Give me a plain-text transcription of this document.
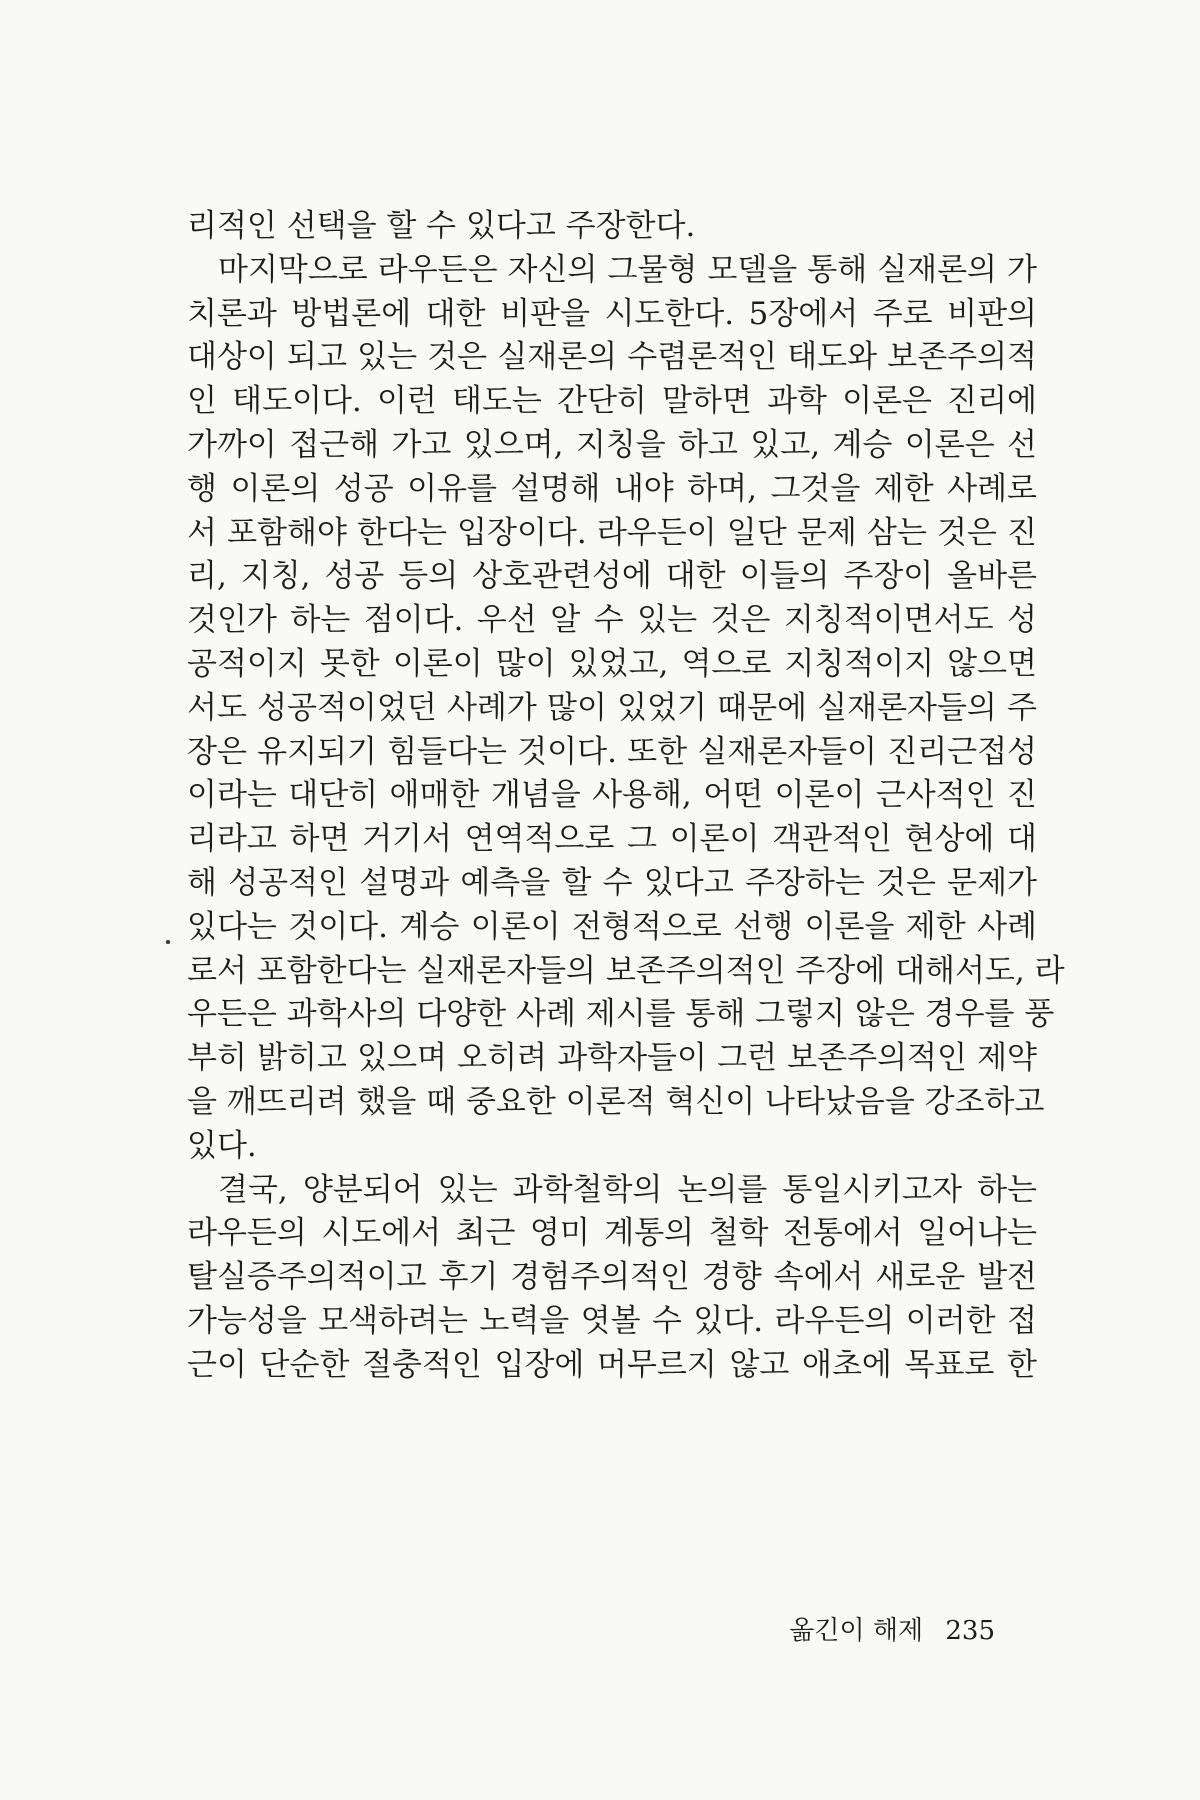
리적인 선택을 할 수 있다고 주장한다.
마지막으로 라우든은 자신의 그물형 모델을 통해 실재론의 가
치론과 방법론에 대한 비판을 시도한다. 5장에서 주로 비판의
대상이 되고 있는 것은 실재론의 수렴론적인 태도와 보존주의적
인 태도이다. 이런 태도는 간단히 말하면 과학 이론은 진리에
가까이 접근해 가고 있으며, 지칭을 하고 있고, 계승 이론은 선
행 이론의 성공 이유를 설명해 내야 하며, 그것을 제한 사례로
서 포함해야 한다는 입장이다. 라우든이 일단 문제 삼는 것은 진
리, 지칭, 성공 등의 상호관련성에 대한 이들의 주장이 올바른
것인가 하는 점이다. 우선 알 수 있는 것은 지칭적이면서도 성
공적이지 못한 이론이 많이 있었고, 역으로 지칭적이지 않으면
서도 성공적이었던 사례가 많이 있었기 때문에 실재론자들의 주
장은 유지되기 힘들다는 것이다. 또한 실재론자들이 진리근접성
이라는 대단히 애매한 개념을 사용해, 어떤 이론이 근사적인 진
리라고 하면 거기서 연역적으로 그 이론이 객관적인 현상에 대
해 성공적인 설명과 예측을 할 수 있다고 주장하는 것은 문제가
있다는 것이다. 계승 이론이 전형적으로 선행 이론을 제한 사례
로서 포함한다는 실재론자들의 보존주의적인 주장에 대해서도, 라
우든은 과학사의 다양한 사례 제시를 통해 그렇지 않은 경우를 풍
부히 밝히고 있으며 오히려 과학자들이 그런 보존주의적인 제약
을 깨뜨리려 했을 때 중요한 이론적 혁신이 나타났음을 강조하고
있다.
결국, 양분되어 있는 과학철학의 논의를 통일시키고자 하는
라우든의 시도에서 최근 영미 계통의 철학 전통에서 일어나는
탈실증주의적이고 후기 경험주의적인 경향 속에서 새로운 발전
가능성을 모색하려는 노력을 엿볼 수 있다. 라우든의 이러한 접
근이 단순한 절충적인 입장에 머무르지 않고 애초에 목표로 한
옮긴이 해제 235
